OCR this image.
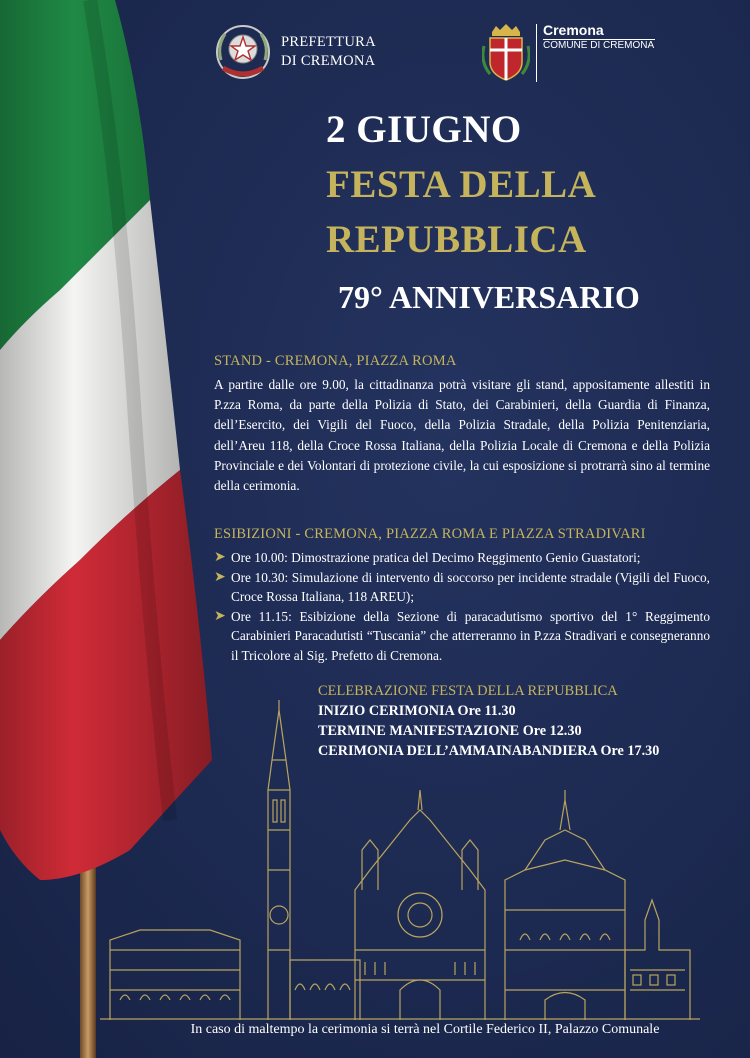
PREFETTURA
DI CREMONA
Cremona
COMUNE DI CREMONA
2 GIUGNO
FESTA DELLA
REPUBBLICA
79° ANNIVERSARIO
STAND - CREMONA, PIAZZA ROMA
A partire dalle ore 9.00, la cittadinanza potrà visitare gli stand, appositamente allestiti in P.zza Roma, da parte della Polizia di Stato, dei Carabinieri, della Guardia di Finanza, dell’Esercito, dei Vigili del Fuoco, della Polizia Stradale, della Polizia Penitenziaria, dell’Areu 118, della Croce Rossa Italiana, della Polizia Locale di Cremona e della Polizia Provinciale e dei Volontari di protezione civile, la cui esposizione si protrarrà sino al termine della cerimonia.
ESIBIZIONI - CREMONA, PIAZZA ROMA E PIAZZA STRADIVARI
➤ Ore 10.00: Dimostrazione pratica del Decimo Reggimento Genio Guastatori;
➤ Ore 10.30: Simulazione di intervento di soccorso per incidente stradale (Vigili del Fuoco, Croce Rossa Italiana, 118 AREU);
➤ Ore 11.15: Esibizione della Sezione di paracadutismo sportivo del 1° Reggimento Carabinieri Paracadutisti “Tuscania” che atterreranno in P.zza Stradivari e consegneranno il Tricolore al Sig. Prefetto di Cremona.
CELEBRAZIONE FESTA DELLA REPUBBLICA
INIZIO CERIMONIA Ore 11.30
TERMINE MANIFESTAZIONE Ore 12.30
CERIMONIA DELL’AMMAINABANDIERA Ore 17.30
In caso di maltempo la cerimonia si terrà nel Cortile Federico II, Palazzo Comunale
